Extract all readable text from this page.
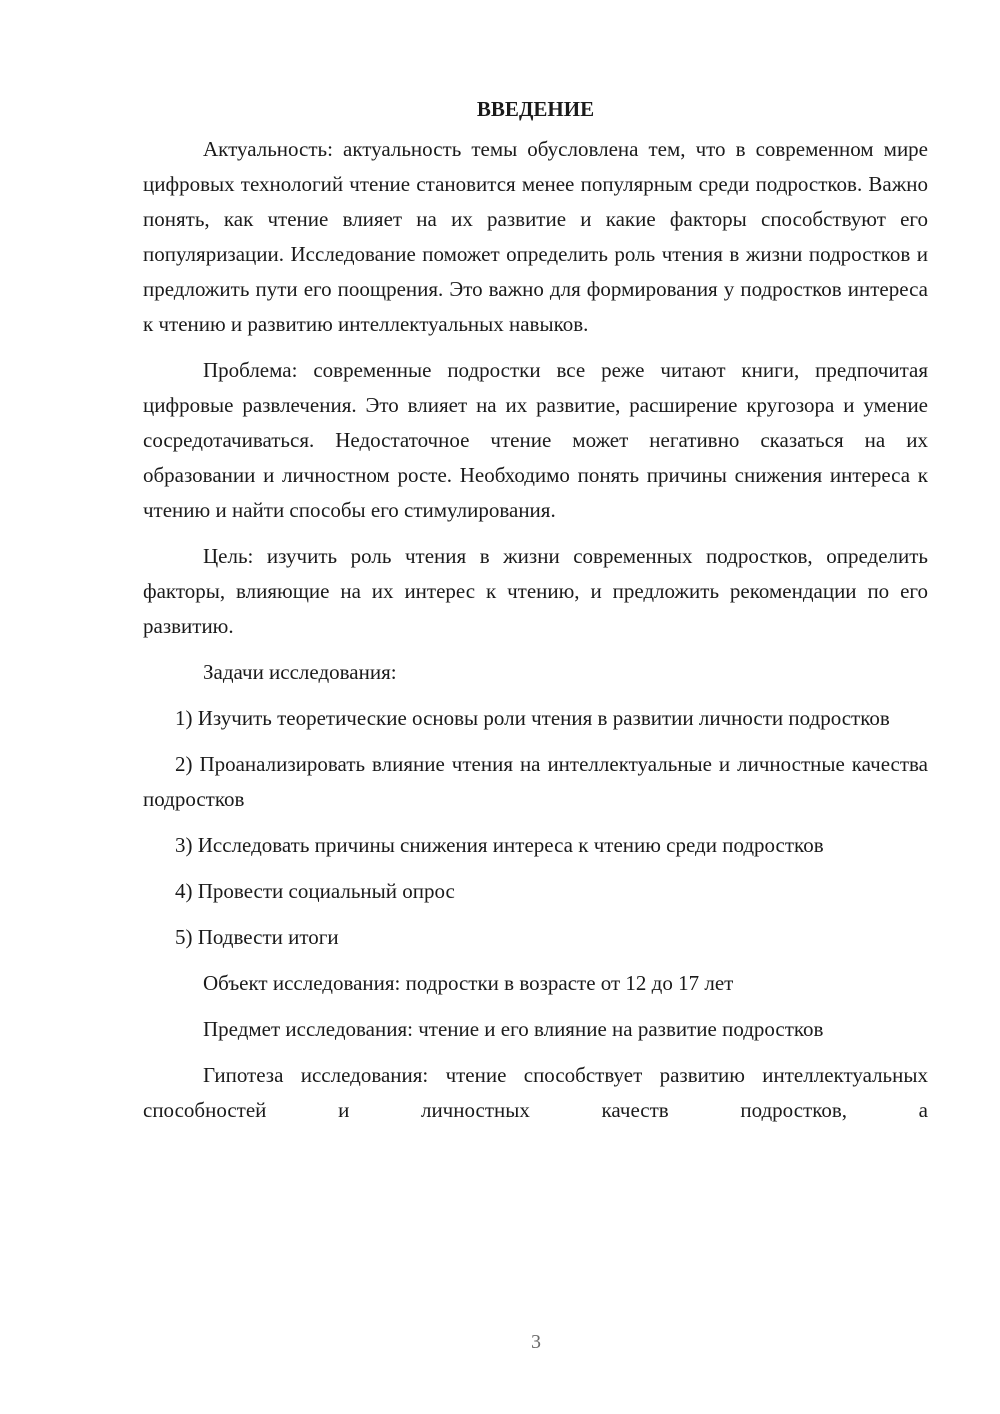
ВВЕДЕНИЕ

Актуальность: актуальность темы обусловлена тем, что в современном мире цифровых технологий чтение становится менее популярным среди подростков. Важно понять, как чтение влияет на их развитие и какие факторы способствуют его популяризации. Исследование поможет определить роль чтения в жизни подростков и предложить пути его поощрения. Это важно для формирования у подростков интереса к чтению и развитию интеллектуальных навыков.

Проблема: современные подростки все реже читают книги, предпочитая цифровые развлечения. Это влияет на их развитие, расширение кругозора и умение сосредотачиваться. Недостаточное чтение может негативно сказаться на их образовании и личностном росте. Необходимо понять причины снижения интереса к чтению и найти способы его стимулирования.

Цель: изучить роль чтения в жизни современных подростков, определить факторы, влияющие на их интерес к чтению, и предложить рекомендации по его развитию.

Задачи исследования:

1) Изучить теоретические основы роли чтения в развитии личности подростков

2) Проанализировать влияние чтения на интеллектуальные и личностные качества подростков

3) Исследовать причины снижения интереса к чтению среди подростков

4) Провести социальный опрос

5) Подвести итоги

Объект исследования: подростки в возрасте от 12 до 17 лет

Предмет исследования: чтение и его влияние на развитие подростков

Гипотеза исследования: чтение способствует развитию интеллектуальных способностей и личностных качеств подростков, а

3
